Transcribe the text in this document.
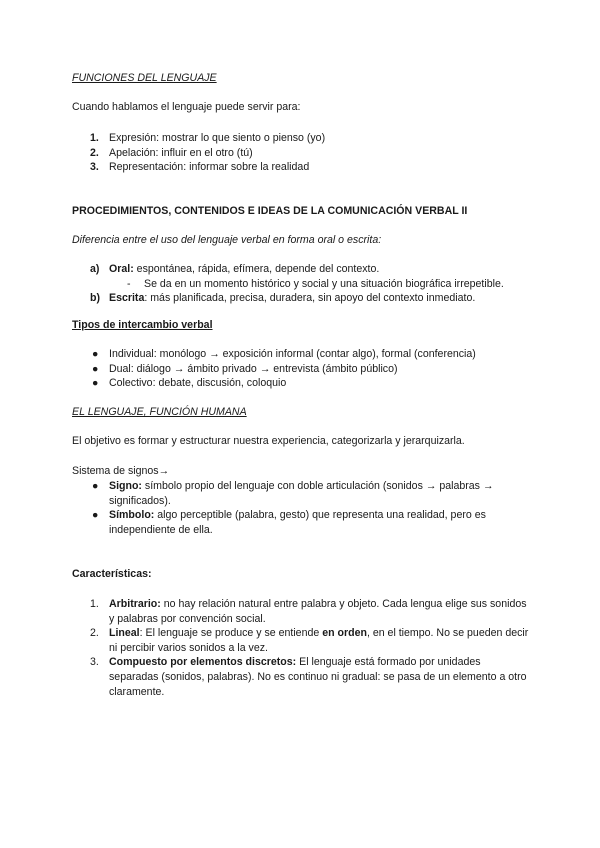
FUNCIONES DEL LENGUAJE

Cuando hablamos el lenguaje puede servir para:

1. Expresión: mostrar lo que siento o pienso (yo)
2. Apelación: influir en el otro (tú)
3. Representación: informar sobre la realidad

PROCEDIMIENTOS, CONTENIDOS E IDEAS DE LA COMUNICACIÓN VERBAL II

Diferencia entre el uso del lenguaje verbal en forma oral o escrita:

a) Oral: espontánea, rápida, efímera, depende del contexto.
- Se da en un momento histórico y social y una situación biográfica irrepetible.
b) Escrita: más planificada, precisa, duradera, sin apoyo del contexto inmediato.

Tipos de intercambio verbal

● Individual: monólogo → exposición informal (contar algo), formal (conferencia)
● Dual: diálogo → ámbito privado → entrevista (ámbito público)
● Colectivo: debate, discusión, coloquio

EL LENGUAJE, FUNCIÓN HUMANA

El objetivo es formar y estructurar nuestra experiencia, categorizarla y jerarquizarla.

Sistema de signos→

● Signo: símbolo propio del lenguaje con doble articulación (sonidos → palabras → significados).
● Símbolo: algo perceptible (palabra, gesto) que representa una realidad, pero es independiente de ella.

Características:

1. Arbitrario: no hay relación natural entre palabra y objeto. Cada lengua elige sus sonidos y palabras por convención social.
2. Lineal: El lenguaje se produce y se entiende en orden, en el tiempo. No se pueden decir ni percibir varios sonidos a la vez.
3. Compuesto por elementos discretos: El lenguaje está formado por unidades separadas (sonidos, palabras). No es continuo ni gradual: se pasa de un elemento a otro claramente.
